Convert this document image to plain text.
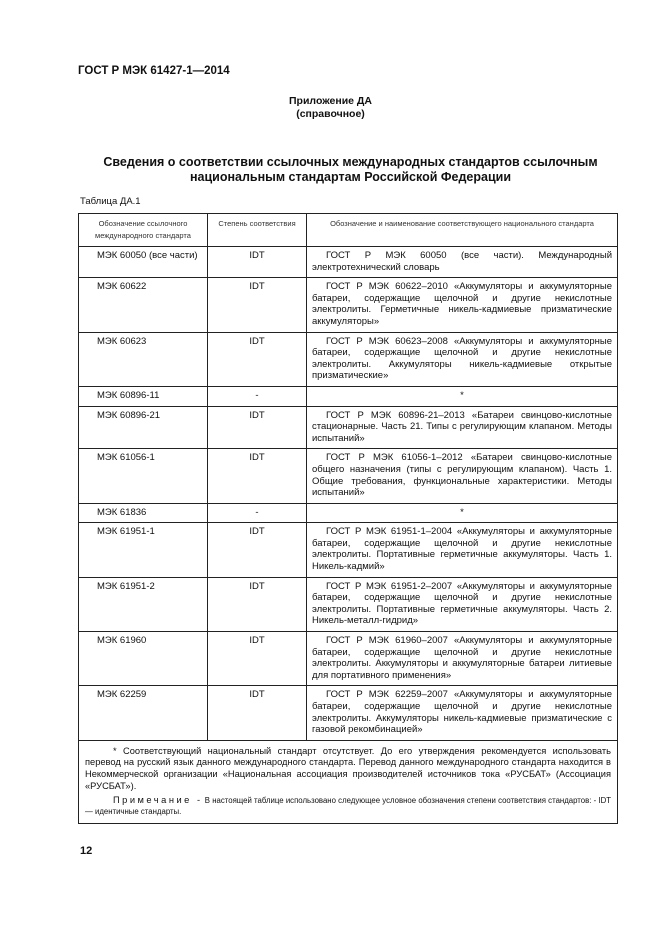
ГОСТ Р МЭК 61427-1—2014
Приложение ДА
(справочное)
Сведения о соответствии ссылочных международных стандартов ссылочным национальным стандартам Российской Федерации
Таблица ДА.1
Обозначение ссылочного международного стандарта	Степень соответствия	Обозначение и наименование соответствующего национального стандарта
МЭК 60050 (все части)	IDT	ГОСТ Р МЭК 60050 (все части). Международный электротехнический словарь
МЭК 60622	IDT	ГОСТ Р МЭК 60622–2010 «Аккумуляторы и аккумуляторные батареи, содержащие щелочной и другие некислотные электролиты. Герметичные никель-кадмиевые призматические аккумуляторы»
МЭК 60623	IDT	ГОСТ Р МЭК 60623–2008 «Аккумуляторы и аккумуляторные батареи, содержащие щелочной и другие некислотные электролиты. Аккумуляторы никель-кадмиевые открытые призматические»
МЭК 60896-11	-	*
МЭК 60896-21	IDT	ГОСТ Р МЭК 60896-21–2013 «Батареи свинцово-кислотные стационарные. Часть 21. Типы с регулирующим клапаном. Методы испытаний»
МЭК 61056-1	IDT	ГОСТ Р МЭК 61056-1–2012 «Батареи свинцово-кислотные общего назначения (типы с регулирующим клапаном). Часть 1. Общие требования, функциональные характеристики. Методы испытаний»
МЭК 61836	-	*
МЭК 61951-1	IDT	ГОСТ Р МЭК 61951-1–2004 «Аккумуляторы и аккумуляторные батареи, содержащие щелочной и другие некислотные электролиты. Портативные герметичные аккумуляторы. Часть 1. Никель-кадмий»
МЭК 61951-2	IDT	ГОСТ Р МЭК 61951-2–2007 «Аккумуляторы и аккумуляторные батареи, содержащие щелочной и другие некислотные электролиты. Портативные герметичные аккумуляторы. Часть 2. Никель-металл-гидрид»
МЭК 61960	IDT	ГОСТ Р МЭК 61960–2007 «Аккумуляторы и аккумуляторные батареи, содержащие щелочной и другие некислотные электролиты. Аккумуляторы и аккумуляторные батареи литиевые для портативного применения»
МЭК 62259	IDT	ГОСТ Р МЭК 62259–2007 «Аккумуляторы и аккумуляторные батареи, содержащие щелочной и другие некислотные электролиты. Аккумуляторы никель-кадмиевые призматические с газовой рекомбинацией»

* Соответствующий национальный стандарт отсутствует. До его утверждения рекомендуется использовать перевод на русский язык данного международного стандарта. Перевод данного международного стандарта находится в Некоммерческой организации «Национальная ассоциация производителей источников тока «РУСБАТ» (Ассоциация «РУСБАТ»).

Примечание - В настоящей таблице использовано следующее условное обозначения степени соответствия стандартов: - IDT — идентичные стандарты.		

12
